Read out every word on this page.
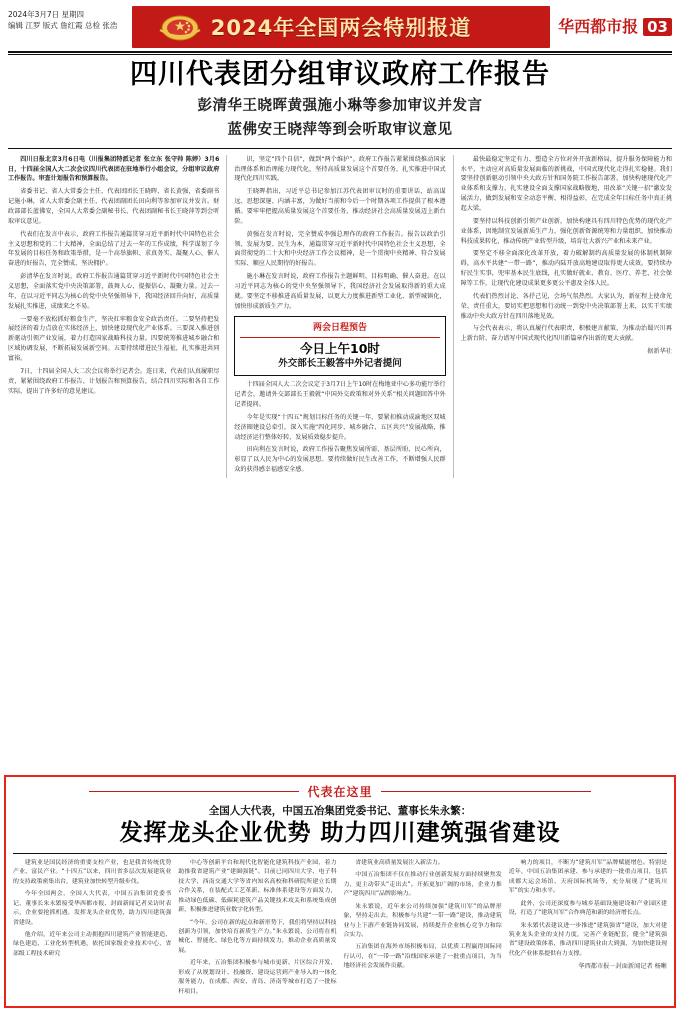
2024年3月7日 星期四
编辑 江罗 版式 詹红霞 总检 张浩	2024年全国两会特别报道	华西都市报 03
四川代表团分组审议政府工作报告
彭清华王晓晖黄强施小琳等参加审议并发言
蓝佛安王晓萍等到会听取审议意见

四川日报北京3月6日电（川报集团特派记者 张立东 张守帅 陈婷）3月6日，十四届全国人大二次会议四川代表团在驻地举行小组会议，分组审议政府工作报告。审查计划报告和预算报告。

省委书记、省人大常委会主任、代表团团长王晓晖，省长黄强，省委副书记施小琳，省人大常委会副主任、代表团副团长田向利等参加审议并发言。财政部部长蓝佛安，全国人大常委会副秘书长、代表团副秘书长王晓萍等到会听取审议意见。

代表们在发言中表示，政府工作报告通篇贯穿习近平新时代中国特色社会主义思想和党的二十大精神，全面总结了过去一年的工作成绩，科学谋划了今年发展的目标任务和政策举措，是一个高举旗帜、求真务实、凝聚人心、催人奋进的好报告，完全赞成、坚决拥护。

彭清华在发言时说，政府工作报告通篇贯穿习近平新时代中国特色社会主义思想，全面落实党中央决策部署，鼓舞人心、提振信心、凝聚力量。过去一年，在以习近平同志为核心的党中央坚强领导下，我国经济回升向好，高质量发展扎实推进，成绩来之不易。

一要毫不放松抓好粮食生产，坚决扛牢粮食安全政治责任。二要坚持把发展经济的着力点放在实体经济上，加快建设现代化产业体系。三要深入推进创新驱动引领产业发展，着力打造国家战略科技力量。四要统筹推进城乡融合和区域协调发展，不断拓展发展新空间。五要持续增进民生福祉，扎实推进共同富裕。

7日，十四届全国人大二次会议将举行记者会。连日来，代表们认真履职尽责，紧紧围绕政府工作报告、计划报告和预算报告，结合四川实际和各自工作实际，提出了许多好的意见建议。

识，坚定“四个自信”，做到“两个维护”。政府工作报告紧紧围绕推动国家治理体系和治理能力现代化，坚持高质量发展这个首要任务，扎实推进中国式现代化四川实践。

王晓晖指出，习近平总书记参加江苏代表团审议时的重要讲话，站高谋远、思想深邃、内涵丰富，为做好当前和今后一个时期各项工作提供了根本遵循。要牢牢把握高质量发展这个首要任务，推动经济社会高质量发展迈上新台阶。

黄强在发言时说，完全赞成李强总理作的政府工作报告。报告以政治引领、发展为要、民生为本，通篇贯穿习近平新时代中国特色社会主义思想，全面贯彻党的二十大和中央经济工作会议精神，是一个贯彻中央精神、符合发展实际、顺应人民期待的好报告。

施小琳在发言时说，政府工作报告主题鲜明、目标明确、催人奋进。在以习近平同志为核心的党中央坚强领导下，我国经济社会发展取得新的重大成就。要坚定不移推进高质量发展，以更大力度推进新型工业化、新型城镇化，加快形成新质生产力。

两会日程预告
今日上午10时
外交部长王毅答中外记者提问

十四届全国人大二次会议定于3月7日上午10时在梅地亚中心多功能厅举行记者会，邀请外交部部长王毅就“中国外交政策和对外关系”相关问题回答中外记者提问。

今年是实现“十四五”规划目标任务的关键一年，要紧扣推动成渝地区双城经济圈建设总牵引，深入实施“四化同步、城乡融合、五区共兴”发展战略，推动经济运行整体好转、发展质效稳步提升。

田向利在发言时说，政府工作报告聚焦发展所需、基层所盼、民心所向，彰显了以人民为中心的发展思想。要持续做好民生改善工作，不断增强人民群众的获得感幸福感安全感。

最快最稳定坚定有力、塑造全方位对外开放新格局，提升服务保障能力和水平，主动应对高质量发展面临的新挑战，中国式现代化走得扎实稳健。我们要坚持创新驱动引领中央大政方针和国务院工作报告部署，加快构建现代化产业体系和支撑力，扎实建设全面支撑国家战略腹地，用改革“关键一招”激发发展活力，做到发展和安全动态平衡、相得益彰，在完成全年目标任务中真正挑起大梁。

要坚持以科技创新引领产业创新，加快构建具有四川特色优势的现代化产业体系，因地制宜发展新质生产力，强化创新资源统筹和力量组织，加快推动科技成果转化，推动传统产业转型升级，培育壮大新兴产业和未来产业。

要坚定不移全面深化改革开放，着力破解制约高质量发展的体制机制障碍，高水平共建“一带一路”，推动内陆开放高地建设取得更大成效。要持续办好民生实事，兜牢基本民生底线，扎实做好就业、教育、医疗、养老、社会保障等工作，让现代化建设成果更多更公平惠及全体人民。

代表们热烈讨论、各抒己见，会场气氛热烈。大家认为，新征程上使命光荣、责任重大，要切实把思想和行动统一到党中央决策部署上来，以实干实绩推动中央大政方针在四川落地见效。

与会代表表示，将认真履行代表职责，积极建言献策，为推动治蜀兴川再上新台阶、奋力谱写中国式现代化四川新篇章作出新的更大贡献。

据新华社
代表在这里
全国人大代表，中国五冶集团党委书记、董事长朱永繁：
发挥龙头企业优势 助力四川建筑强省建设

建筑业是国民经济的重要支柱产业，也是我省传统优势产业、富民产业。“十四五”以来，四川省多层次发展建筑业的支持政策密集出台，建筑业加快转型升级步伐。

今年全国两会，全国人大代表，中国五冶集团党委书记、董事长朱永繁接受华西都市报、封面新闻记者采访时表示，企业要抢抓机遇，发挥龙头企业优势，助力四川建筑强省建设。

他介绍，近年来公司主动拥抱四川建筑产业智能建造、绿色建造、工业化转型机遇，依托国家级企业技术中心，省部级工程技术研究

中心等创新平台和现代化智能化建筑科技产业园，着力助推我省建筑产业“建圈强链”。目前已同四川大学、电子科技大学、西南交通大学等省内知名高校和科研院所建立长期合作关系，在装配式工艺革新、标准体系建设等方面发力，推动绿色低碳、低碳耗建筑产品关键技术攻关和系统集成创新，积极推进建筑业数字化转型。

“今年，公司在新的起点和新形势下，我们将坚持以科技创新为引领，加快培育新质生产力。”朱永繁说，公司将在机械化、智能化、绿色化等方面持续发力，推动企业高质量发展。

近年来，五冶集团积极参与城市更新、片区综合开发，形成了从规划设计、投融资、建设运营到产业导入的一体化服务能力，在成都、西安、青岛、济南等城市打造了一批标杆项目。

省建筑业高质量发展注入新活力。

中国五冶集团不仅在推动行业创新发展方面持续聚焦发力，更主动带头“走出去”。开拓更加广阔的市场，企业力推产“建筑四川”品牌影响力。

朱永繁说，近年来公司持续加强“建筑川军”的品牌形象，坚持走出去，积极参与共建“一带一路”建设，推动建筑业与上下游产业链协同发展，持续提升企业核心竞争力和综合实力。

五冶集团在海外市场积极布局，以优质工程赢得国际同行认可，在“一带一路”沿线国家承建了一批重点项目，为当地经济社会发展作贡献。

响力的项目，不断为“建筑川军”品牌赋能增色。特别是近年，中国五冶集团承建、参与承建的一批重点项目，包括成都大运会场馆、天府国际机场等，充分展现了“建筑川军”的实力和水平。

此外，公司还深度参与城乡基础设施建设和产业园区建设，打造了“建筑川军”合作典范和新的经济增长点。

朱永繁代表建议进一步推进“建筑强省”建设，加大对建筑业龙头企业的支持力度，完善产业链配套，健全“建筑强省”建设政策体系，推动四川建筑业由大到强，为加快建设现代化产业体系提供有力支撑。

华西都市报－封面新闻记者 杨晰
